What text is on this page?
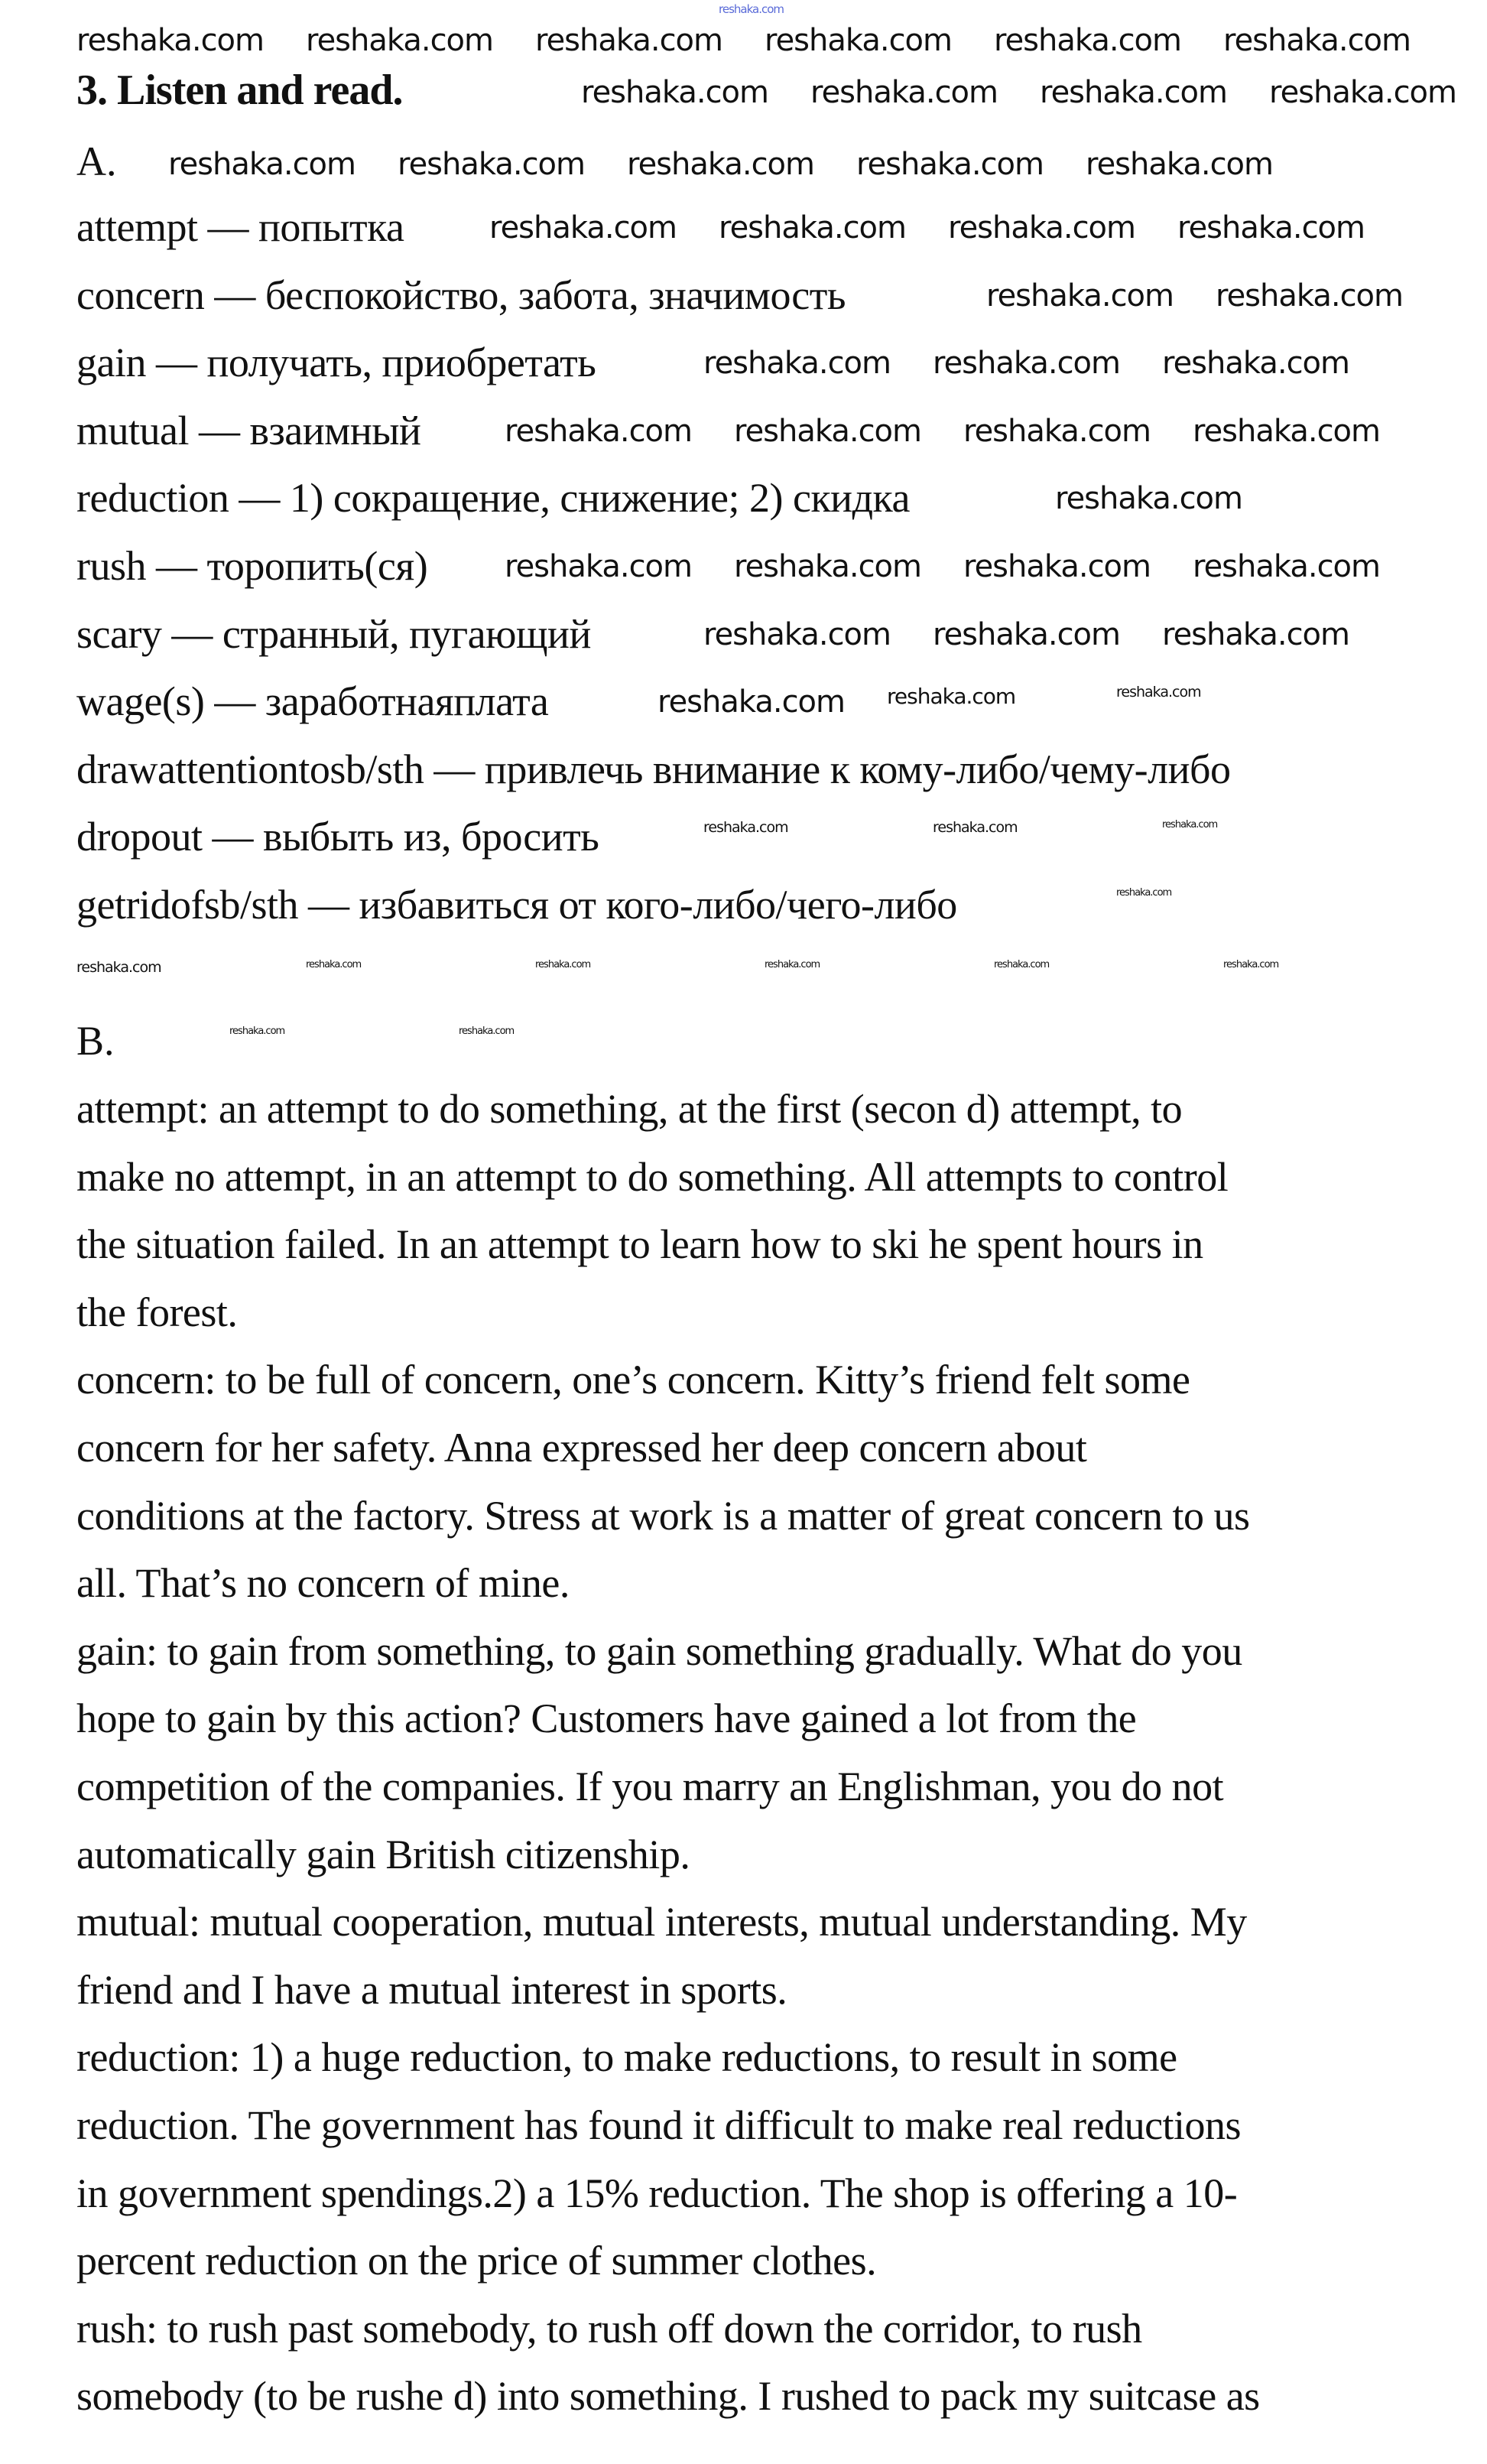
3. Listen and read.
A.
attempt — попытка
concern — беспокойство, забота, значимость
gain — получать, приобретать
mutual — взаимный
reduction — 1) сокращение, снижение; 2) скидка
rush — торопить(ся)
scary — странный, пугающий
wage(s) — заработнаяплата
drawattentiontosb/sth — привлечь внимание к кому-либо/чему-либо
dropout — выбыть из, бросить
getridofsb/sth — избавиться от кого-либо/чего-либо
B.
attempt: an attempt to do something, at the first (secon d) attempt, to
make no attempt, in an attempt to do something. All attempts to control
the situation failed. In an attempt to learn how to ski he spent hours in
the forest.
concern: to be full of concern, one’s concern. Kitty’s friend felt some
concern for her safety. Anna expressed her deep concern about
conditions at the factory. Stress at work is a matter of great concern to us
all. That’s no concern of mine.
gain: to gain from something, to gain something gradually. What do you
hope to gain by this action? Customers have gained a lot from the
competition of the companies. If you marry an Englishman, you do not
automatically gain British citizenship.
mutual: mutual cooperation, mutual interests, mutual understanding. My
friend and I have a mutual interest in sports.
reduction: 1) a huge reduction, to make reductions, to result in some
reduction. The government has found it difficult to make real reductions
in government spendings.2) a 15% reduction. The shop is offering a 10-
percent reduction on the price of summer clothes.
rush: to rush past somebody, to rush off down the corridor, to rush
somebody (to be rushe d) into something. I rushed to pack my suitcase as
reshaka.com
reshaka.com reshaka.com reshaka.com reshaka.com reshaka.com reshaka.com
reshaka.com reshaka.com reshaka.com reshaka.com
reshaka.com reshaka.com reshaka.com reshaka.com reshaka.com
reshaka.com reshaka.com reshaka.com reshaka.com
reshaka.com reshaka.com
reshaka.com reshaka.com reshaka.com
reshaka.com reshaka.com reshaka.com reshaka.com
reshaka.com
reshaka.com reshaka.com reshaka.com reshaka.com
reshaka.com reshaka.com reshaka.com
reshaka.com reshaka.com	reshaka.com
reshaka.com	reshaka.com	reshaka.com
reshaka.com
reshaka.com	reshaka.com	reshaka.com	reshaka.com	reshaka.com	reshaka.com
reshaka.com	reshaka.com
